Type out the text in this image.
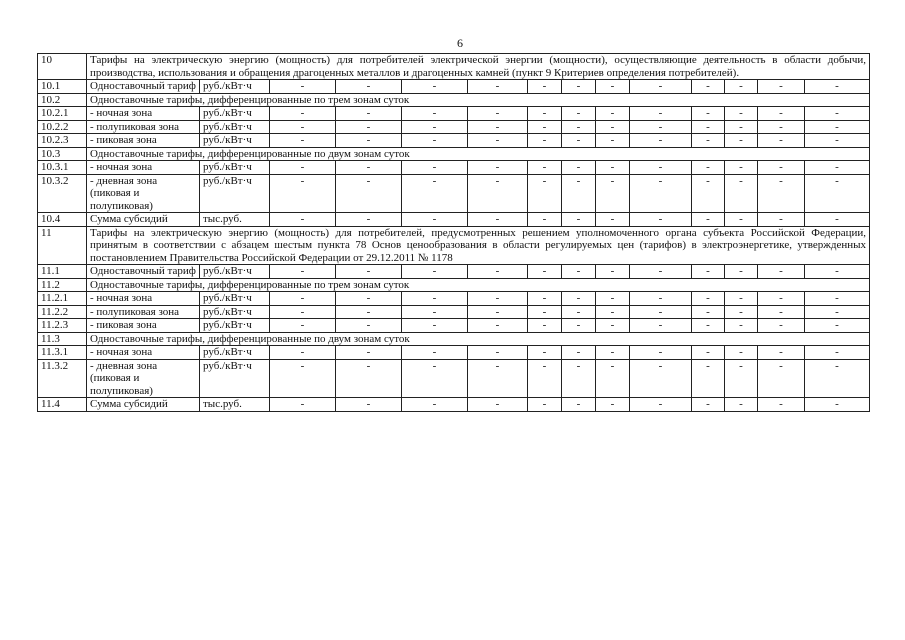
6
10	Тарифы на электрическую энергию (мощность) для потребителей электрической энергии (мощности), осуществляющие деятельность в области добычи, производства, использования и обращения драгоценных металлов и драгоценных камней (пункт 9 Критериев определения потребителей).													
10.1	Одноставочный тариф	руб./кВт·ч	-	-	-	-	-	-	-	-	-	-	-	-
10.2	Одноставочные тарифы, дифференцированные по трем зонам суток													
10.2.1	- ночная зона	руб./кВт·ч	-	-	-	-	-	-	-	-	-	-	-	-
10.2.2	- полупиковая зона	руб./кВт·ч	-	-	-	-	-	-	-	-	-	-	-	-
10.2.3	- пиковая зона	руб./кВт·ч	-	-	-	-	-	-	-	-	-	-	-	-
10.3	Одноставочные тарифы, дифференцированные по двум зонам суток													
10.3.1	- ночная зона	руб./кВт·ч	-	-	-	-	-	-	-	-	-	-	-	-
10.3.2	- дневная зона (пиковая и полупиковая)	руб./кВт·ч	-	-	-	-	-	-	-	-	-	-	-	-
10.4	Сумма субсидий	тыс.руб.	-	-	-	-	-	-	-	-	-	-	-	-
11	Тарифы на электрическую энергию (мощность) для потребителей, предусмотренных решением уполномоченного органа субъекта Российской Федерации, принятым в соответствии с абзацем шестым пункта 78 Основ ценообразования в области регулируемых цен (тарифов) в электроэнергетике, утвержденных постановлением Правительства Российской Федерации от 29.12.2011 № 1178													
11.1	Одноставочный тариф	руб./кВт·ч	-	-	-	-	-	-	-	-	-	-	-	-
11.2	Одноставочные тарифы, дифференцированные по трем зонам суток													
11.2.1	- ночная зона	руб./кВт·ч	-	-	-	-	-	-	-	-	-	-	-	-
11.2.2	- полупиковая зона	руб./кВт·ч	-	-	-	-	-	-	-	-	-	-	-	-
11.2.3	- пиковая зона	руб./кВт·ч	-	-	-	-	-	-	-	-	-	-	-	-
11.3	Одноставочные тарифы, дифференцированные по двум зонам суток													
11.3.1	- ночная зона	руб./кВт·ч	-	-	-	-	-	-	-	-	-	-	-	-
11.3.2	- дневная зона (пиковая и полупиковая)	руб./кВт·ч	-	-	-	-	-	-	-	-	-	-	-	-
11.4	Сумма субсидий	тыс.руб.	-	-	-	-	-	-	-	-	-	-	-	-
